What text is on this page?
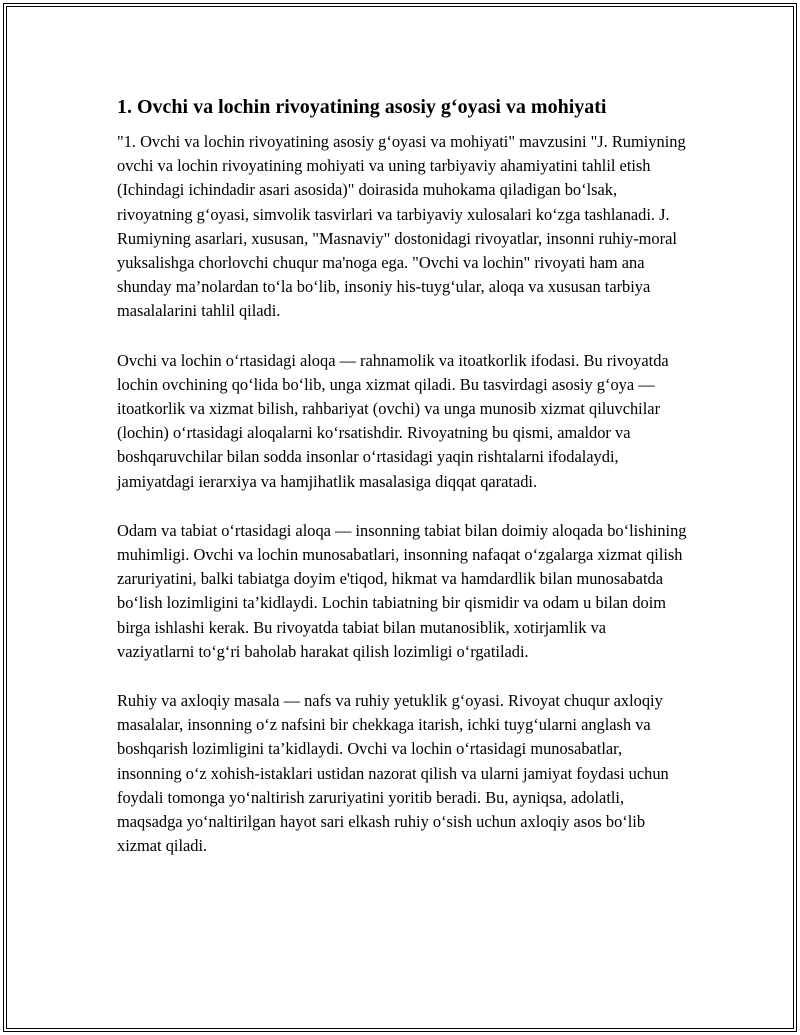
1. Ovchi va lochin rivoyatining asosiy g‘oyasi va mohiyati

"1. Ovchi va lochin rivoyatining asosiy g‘oyasi va mohiyati" mavzusini "J. Rumiyning ovchi va lochin rivoyatining mohiyati va uning tarbiyaviy ahamiyatini tahlil etish (Ichindagi ichindadir asari asosida)" doirasida muhokama qiladigan bo‘lsak, rivoyatning g‘oyasi, simvolik tasvirlari va tarbiyaviy xulosalari ko‘zga tashlanadi. J. Rumiyning asarlari, xususan, "Masnaviy" dostonidagi rivoyatlar, insonni ruhiy-moral yuksalishga chorlovchi chuqur ma'noga ega. "Ovchi va lochin" rivoyati ham ana shunday ma’nolardan to‘la bo‘lib, insoniy his-tuyg‘ular, aloqa va xususan tarbiya masalalarini tahlil qiladi.

Ovchi va lochin o‘rtasidagi aloqa — rahnamolik va itoatkorlik ifodasi. Bu rivoyatda lochin ovchining qo‘lida bo‘lib, unga xizmat qiladi. Bu tasvirdagi asosiy g‘oya — itoatkorlik va xizmat bilish, rahbariyat (ovchi) va unga munosib xizmat qiluvchilar (lochin) o‘rtasidagi aloqalarni ko‘rsatishdir. Rivoyatning bu qismi, amaldor va boshqaruvchilar bilan sodda insonlar o‘rtasidagi yaqin rishtalarni ifodalaydi, jamiyatdagi ierarxiya va hamjihatlik masalasiga diqqat qaratadi.

Odam va tabiat o‘rtasidagi aloqa — insonning tabiat bilan doimiy aloqada bo‘lishining muhimligi. Ovchi va lochin munosabatlari, insonning nafaqat o‘zgalarga xizmat qilish zaruriyatini, balki tabiatga doyim e'tiqod, hikmat va hamdardlik bilan munosabatda bo‘lish lozimligini ta’kidlaydi. Lochin tabiatning bir qismidir va odam u bilan doim birga ishlashi kerak. Bu rivoyatda tabiat bilan mutanosiblik, xotirjamlik va vaziyatlarni to‘g‘ri baholab harakat qilish lozimligi o‘rgatiladi.

Ruhiy va axloqiy masala — nafs va ruhiy yetuklik g‘oyasi. Rivoyat chuqur axloqiy masalalar, insonning o‘z nafsini bir chekkaga itarish, ichki tuyg‘ularni anglash va boshqarish lozimligini ta’kidlaydi. Ovchi va lochin o‘rtasidagi munosabatlar, insonning o‘z xohish-istaklari ustidan nazorat qilish va ularni jamiyat foydasi uchun foydali tomonga yo‘naltirish zaruriyatini yoritib beradi. Bu, ayniqsa, adolatli, maqsadga yo‘naltirilgan hayot sari elkash ruhiy o‘sish uchun axloqiy asos bo‘lib xizmat qiladi.
